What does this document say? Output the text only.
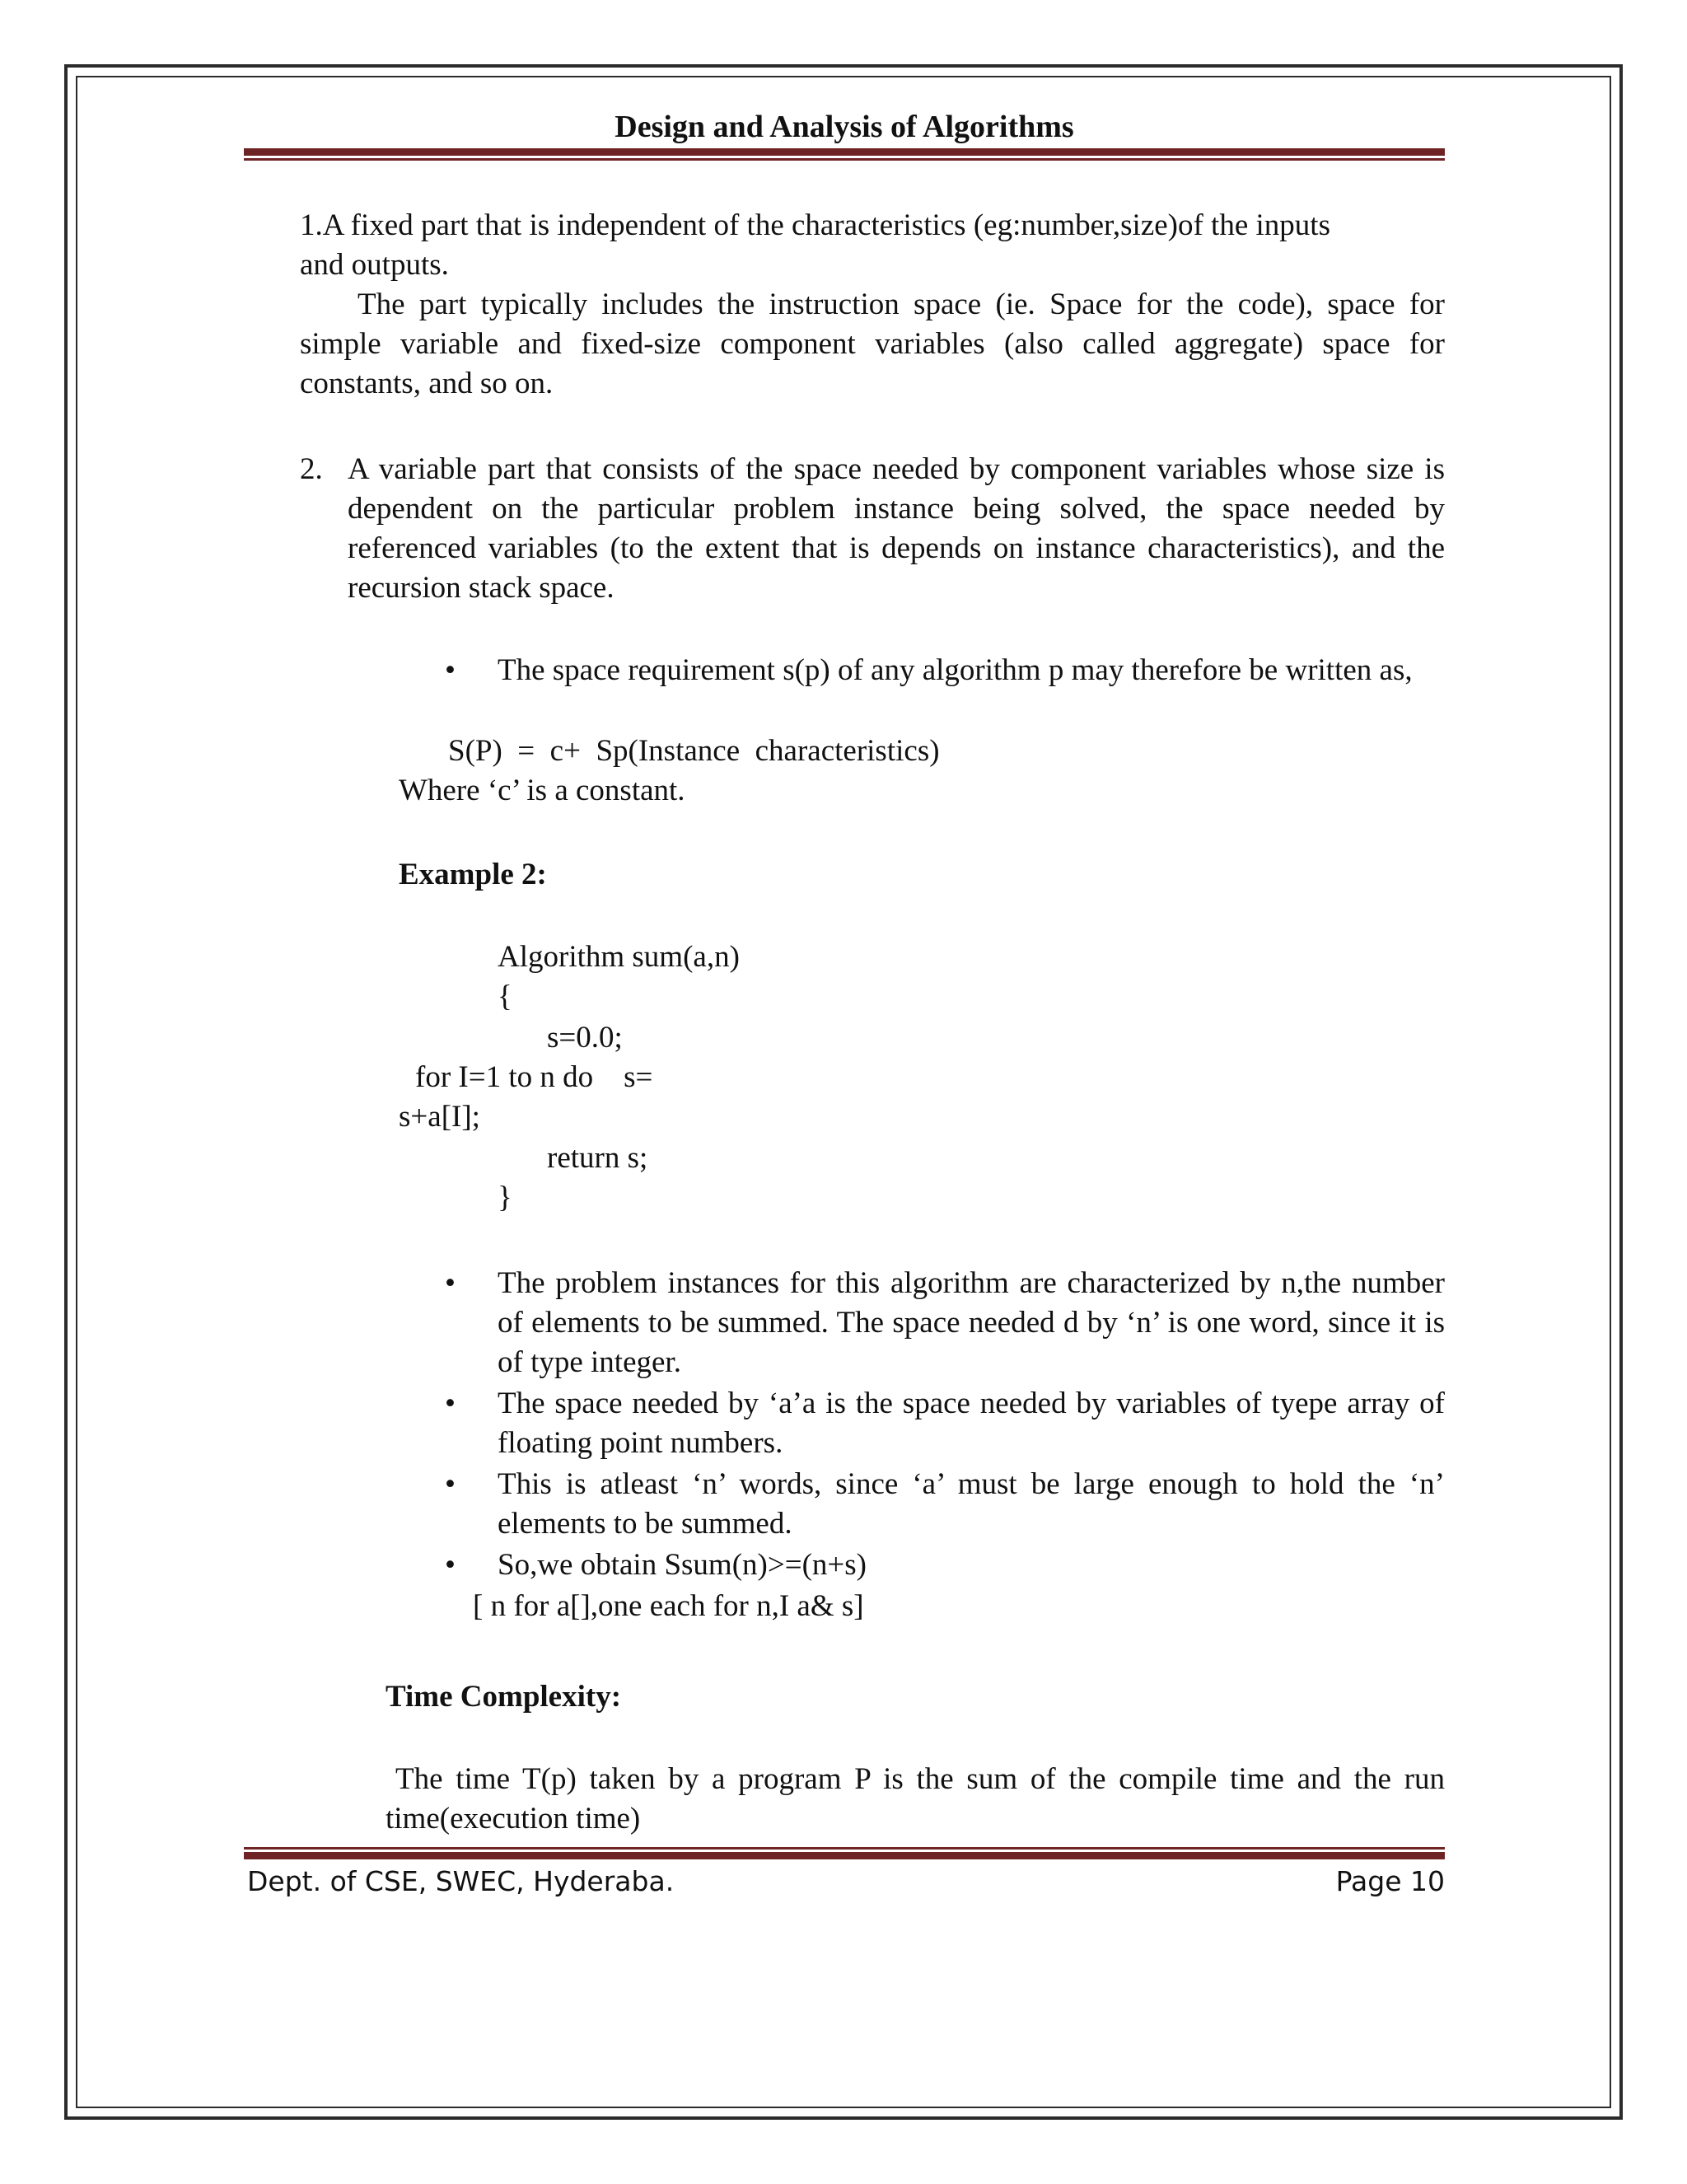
Design and Analysis of Algorithms
1.A fixed part that is independent of the characteristics (eg:number,size)of the inputs
and outputs.
The part typically includes the instruction space (ie. Space for the code), space for simple variable and fixed-size component variables (also called aggregate) space for constants, and so on.
2. A variable part that consists of the space needed by component variables whose size is dependent on the particular problem instance being solved, the space needed by referenced variables (to the extent that is depends on instance characteristics), and the recursion stack space.
• The space requirement s(p) of any algorithm p may therefore be written as,
S(P)  =  c+  Sp(Instance  characteristics)
Where ‘c’ is a constant.
Example 2:
Algorithm sum(a,n)
{
s=0.0;
for I=1 to n do    s=
s+a[I];
return s;
}
• The problem instances for this algorithm are characterized by n,the number of elements to be summed. The space needed d by ‘n’ is one word, since it is of type integer.
• The space needed by ‘a’a is the space needed by variables of tyepe array of floating point numbers.
• This is atleast ‘n’ words, since ‘a’ must be large enough to hold the ‘n’ elements to be summed.
• So,we obtain Ssum(n)>=(n+s)
[ n for a[],one each for n,I a& s]
Time Complexity:
The time T(p) taken by a program P is the sum of the compile time and the run time(execution time)
Dept. of CSE, SWEC, Hyderaba.	Page 10
